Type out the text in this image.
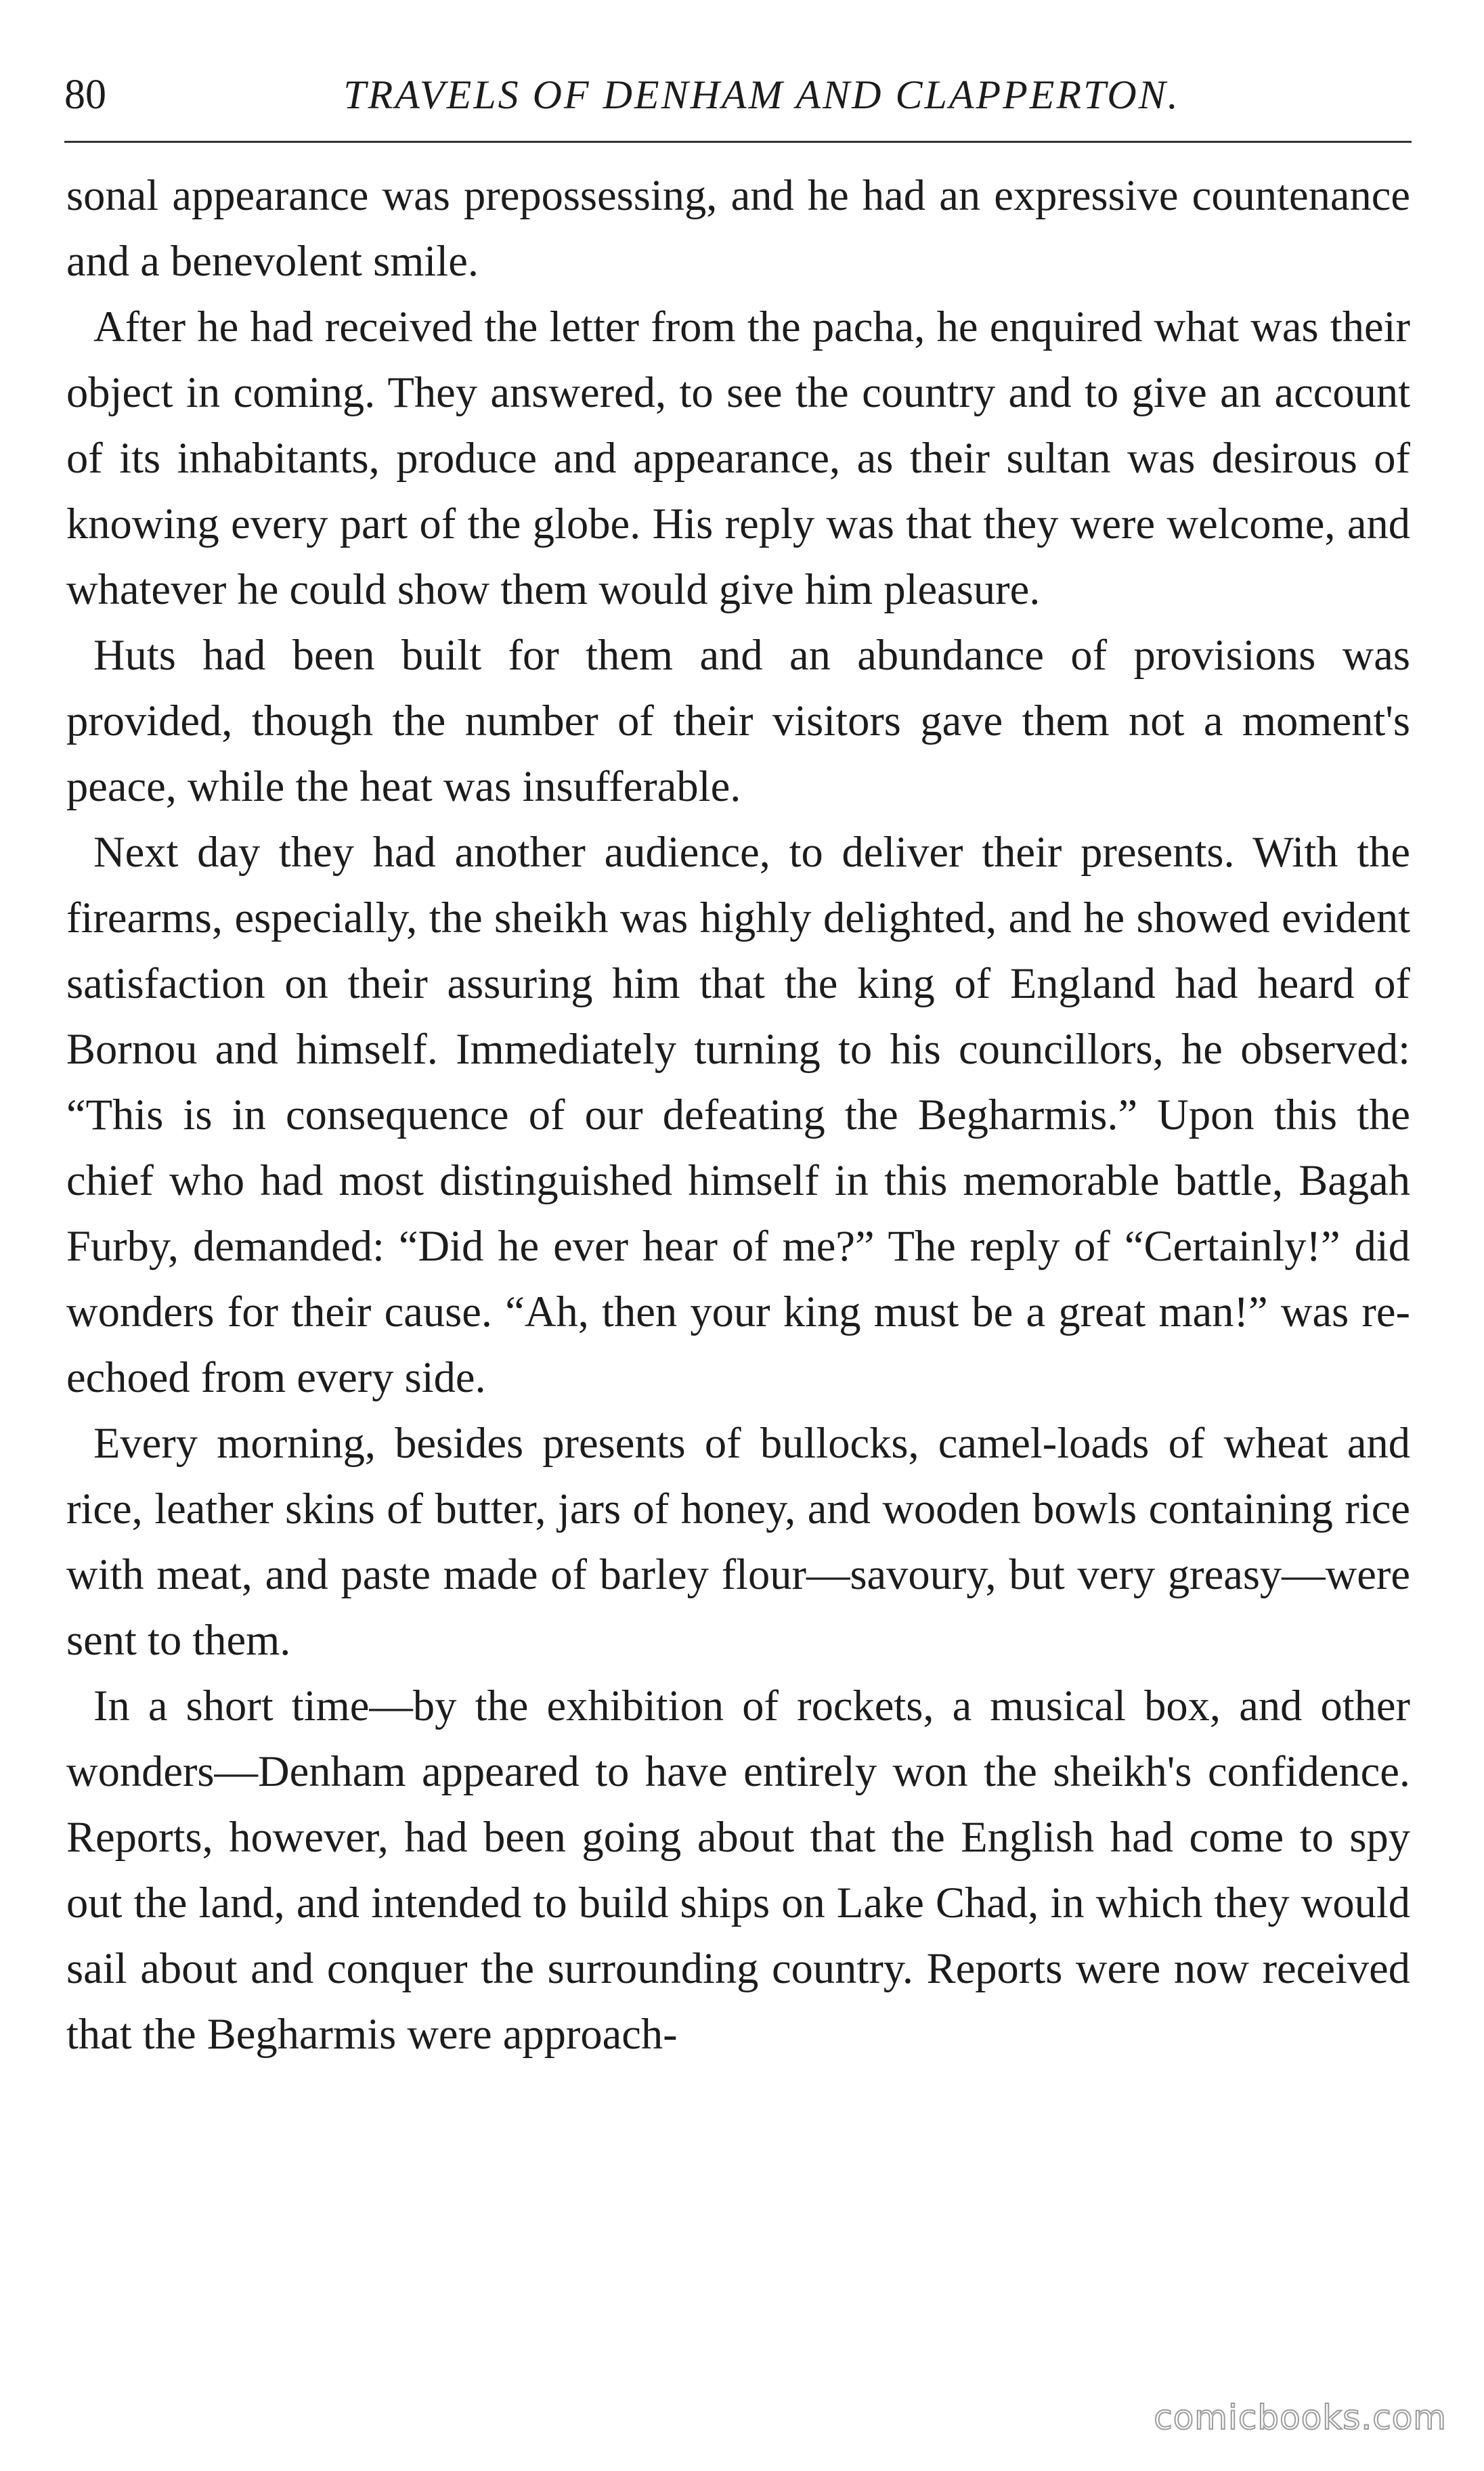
80	TRAVELS OF DENHAM AND CLAPPERTON.

sonal appearance was prepossessing, and he had an expressive countenance and a benevolent smile.

After he had received the letter from the pacha, he enquired what was their object in coming. They answered, to see the country and to give an account of its inhabitants, produce and appearance, as their sultan was desirous of knowing every part of the globe. His reply was that they were welcome, and whatever he could show them would give him pleasure.

Huts had been built for them and an abundance of provisions was provided, though the number of their visitors gave them not a moment's peace, while the heat was insufferable.

Next day they had another audience, to deliver their presents. With the firearms, especially, the sheikh was highly delighted, and he showed evident satisfaction on their assuring him that the king of England had heard of Bornou and himself. Immediately turning to his councillors, he observed: “This is in consequence of our defeating the Begharmis.” Upon this the chief who had most distinguished himself in this memorable battle, Bagah Furby, demanded: “Did he ever hear of me?” The reply of “Certainly!” did wonders for their cause. “Ah, then your king must be a great man!” was re-echoed from every side.

Every morning, besides presents of bullocks, camel-loads of wheat and rice, leather skins of butter, jars of honey, and wooden bowls containing rice with meat, and paste made of barley flour—savoury, but very greasy—were sent to them.

In a short time—by the exhibition of rockets, a musical box, and other wonders—Denham appeared to have entirely won the sheikh's confidence. Reports, however, had been going about that the English had come to spy out the land, and intended to build ships on Lake Chad, in which they would sail about and conquer the surrounding country. Reports were now received that the Begharmis were approach-

comicbooks.com
